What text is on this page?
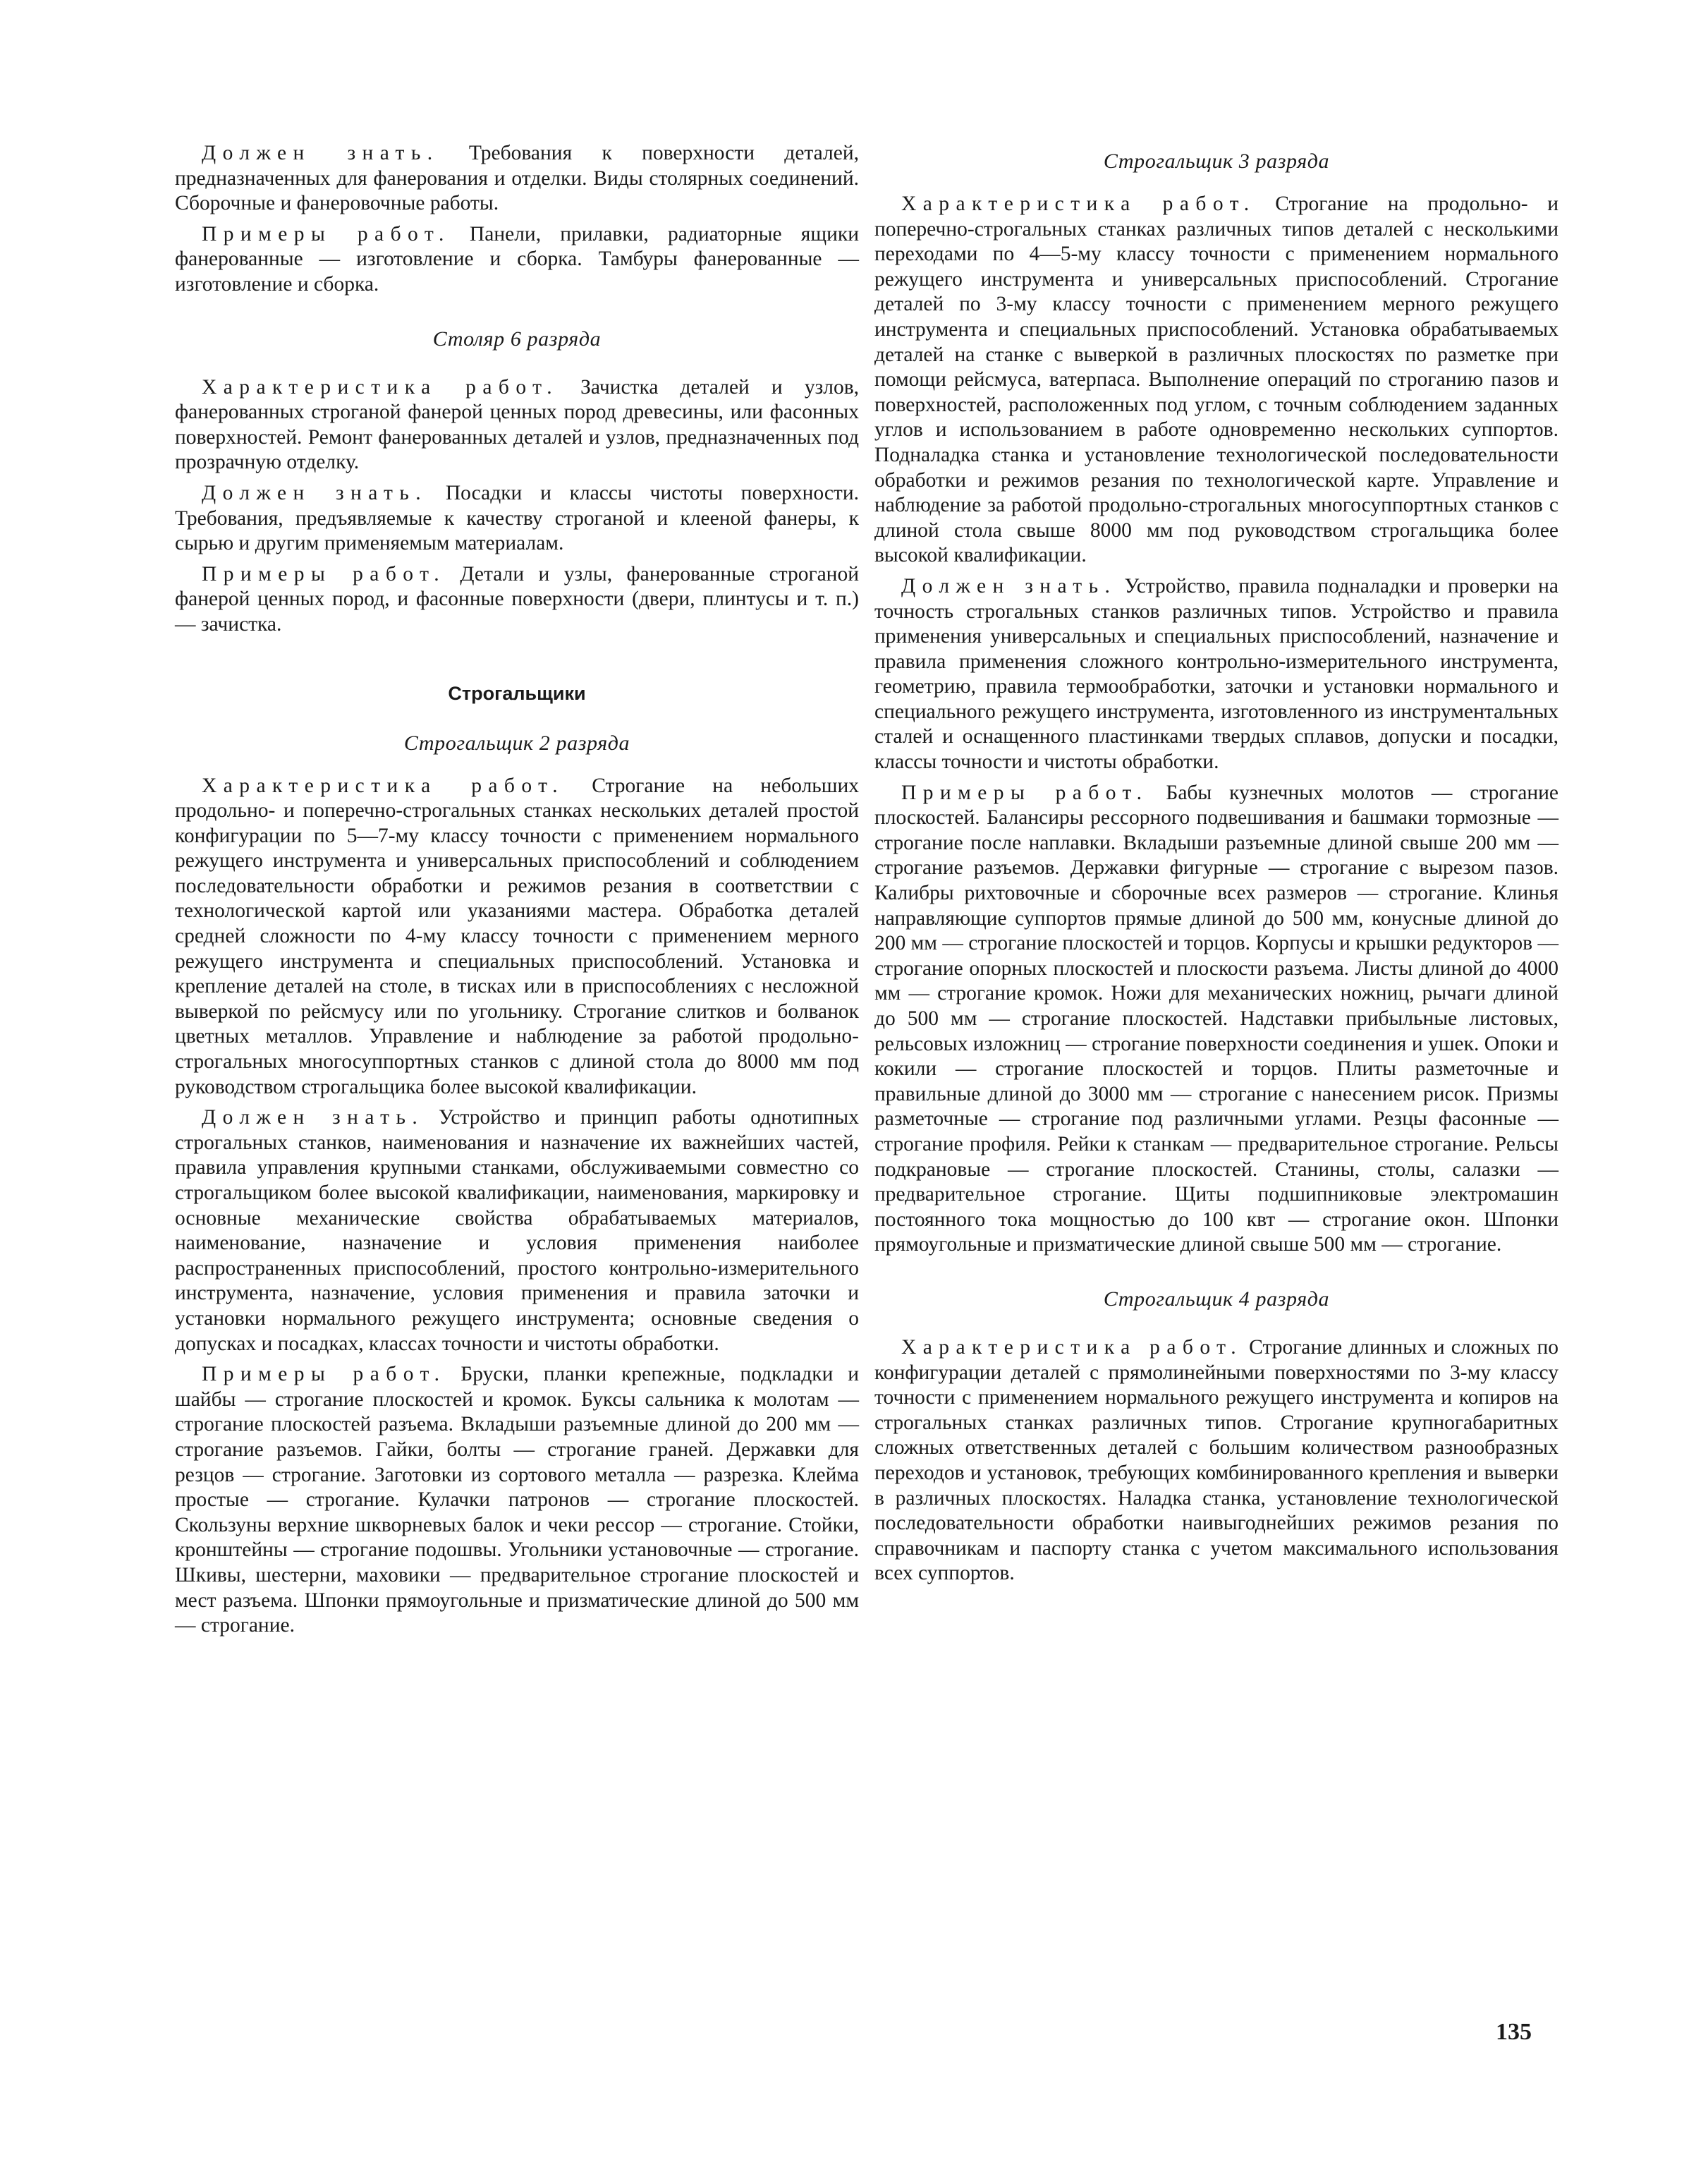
Должен знать. Требования к поверхности деталей, предназначенных для фанерования и отделки. Виды столярных соединений. Сборочные и фанеровочные работы.

Примеры работ. Панели, прилавки, радиаторные ящики фанерованные — изготовление и сборка. Тамбуры фанерованные — изготовление и сборка.

Столяр 6 разряда

Характеристика работ. Зачистка деталей и узлов, фанерованных строганой фанерой ценных пород древесины, или фасонных поверхностей. Ремонт фанерованных деталей и узлов, предназначенных под прозрачную отделку.

Должен знать. Посадки и классы чистоты поверхности. Требования, предъявляемые к качеству строганой и клееной фанеры, к сырью и другим применяемым материалам.

Примеры работ. Детали и узлы, фанерованные строганой фанерой ценных пород, и фасонные поверхности (двери, плинтусы и т. п.) — зачистка.

Строгальщики
Строгальщик 2 разряда

Характеристика работ. Строгание на небольших продольно- и поперечно-строгальных станках нескольких деталей простой конфигурации по 5—7-му классу точности с применением нормального режущего инструмента и универсальных приспособлений и соблюдением последовательности обработки и режимов резания в соответствии с технологической картой или указаниями мастера. Обработка деталей средней сложности по 4-му классу точности с применением мерного режущего инструмента и специальных приспособлений. Установка и крепление деталей на столе, в тисках или в приспособлениях с несложной выверкой по рейсмусу или по угольнику. Строгание слитков и болванок цветных металлов. Управление и наблюдение за работой продольно-строгальных многосуппортных станков с длиной стола до 8000 мм под руководством строгальщика более высокой квалификации.

Должен знать. Устройство и принцип работы однотипных строгальных станков, наименования и назначение их важнейших частей, правила управления крупными станками, обслуживаемыми совместно со строгальщиком более высокой квалификации, наименования, маркировку и основные механические свойства обрабатываемых материалов, наименование, назначение и условия применения наиболее распространенных приспособлений, простого контрольно-измерительного инструмента, назначение, условия применения и правила заточки и установки нормального режущего инструмента; основные сведения о допусках и посадках, классах точности и чистоты обработки.

Примеры работ. Бруски, планки крепежные, подкладки и шайбы — строгание плоскостей и кромок. Буксы сальника к молотам — строгание плоскостей разъема. Вкладыши разъемные длиной до 200 мм — строгание разъемов. Гайки, болты — строгание граней. Державки для резцов — строгание. Заготовки из сортового металла — разрезка. Клейма простые — строгание. Кулачки патронов — строгание плоскостей. Скользуны верхние шкворневых балок и чеки рессор — строгание. Стойки, кронштейны — строгание подошвы. Угольники установочные — строгание. Шкивы, шестерни, маховики — предварительное строгание плоскостей и мест разъема. Шпонки прямоугольные и призматические длиной до 500 мм — строгание.

Строгальщик 3 разряда

Характеристика работ. Строгание на продольно- и поперечно-строгальных станках различных типов деталей с несколькими переходами по 4—5-му классу точности с применением нормального режущего инструмента и универсальных приспособлений. Строгание деталей по 3-му классу точности с применением мерного режущего инструмента и специальных приспособлений. Установка обрабатываемых деталей на станке с выверкой в различных плоскостях по разметке при помощи рейсмуса, ватерпаса. Выполнение операций по строганию пазов и поверхностей, расположенных под углом, с точным соблюдением заданных углов и использованием в работе одновременно нескольких суппортов. Подналадка станка и установление технологической последовательности обработки и режимов резания по технологической карте. Управление и наблюдение за работой продольно-строгальных многосуппортных станков с длиной стола свыше 8000 мм под руководством строгальщика более высокой квалификации.

Должен знать. Устройство, правила подналадки и проверки на точность строгальных станков различных типов. Устройство и правила применения универсальных и специальных приспособлений, назначение и правила применения сложного контрольно-измерительного инструмента, геометрию, правила термообработки, заточки и установки нормального и специального режущего инструмента, изготовленного из инструментальных сталей и оснащенного пластинками твердых сплавов, допуски и посадки, классы точности и чистоты обработки.

Примеры работ. Бабы кузнечных молотов — строгание плоскостей. Балансиры рессорного подвешивания и башмаки тормозные — строгание после наплавки. Вкладыши разъемные длиной свыше 200 мм — строгание разъемов. Державки фигурные — строгание с вырезом пазов. Калибры рихтовочные и сборочные всех размеров — строгание. Клинья направляющие суппортов прямые длиной до 500 мм, конусные длиной до 200 мм — строгание плоскостей и торцов. Корпусы и крышки редукторов — строгание опорных плоскостей и плоскости разъема. Листы длиной до 4000 мм — строгание кромок. Ножи для механических ножниц, рычаги длиной до 500 мм — строгание плоскостей. Надставки прибыльные листовых, рельсовых изложниц — строгание поверхности соединения и ушек. Опоки и кокили — строгание плоскостей и торцов. Плиты разметочные и правильные длиной до 3000 мм — строгание с нанесением рисок. Призмы разметочные — строгание под различными углами. Резцы фасонные — строгание профиля. Рейки к станкам — предварительное строгание. Рельсы подкрановые — строгание плоскостей. Станины, столы, салазки — предварительное строгание. Щиты подшипниковые электромашин постоянного тока мощностью до 100 квт — строгание окон. Шпонки прямоугольные и призматические длиной свыше 500 мм — строгание.

Строгальщик 4 разряда

Характеристика работ. Строгание длинных и сложных по конфигурации деталей с прямолинейными поверхностями по 3-му классу точности с применением нормального режущего инструмента и копиров на строгальных станках различных типов. Строгание крупногабаритных сложных ответственных деталей с большим количеством разнообразных переходов и установок, требующих комбинированного крепления и выверки в различных плоскостях. Наладка станка, установление технологической последовательности обработки наивыгоднейших режимов резания по справочникам и паспорту станка с учетом максимального использования всех суппортов.

135
